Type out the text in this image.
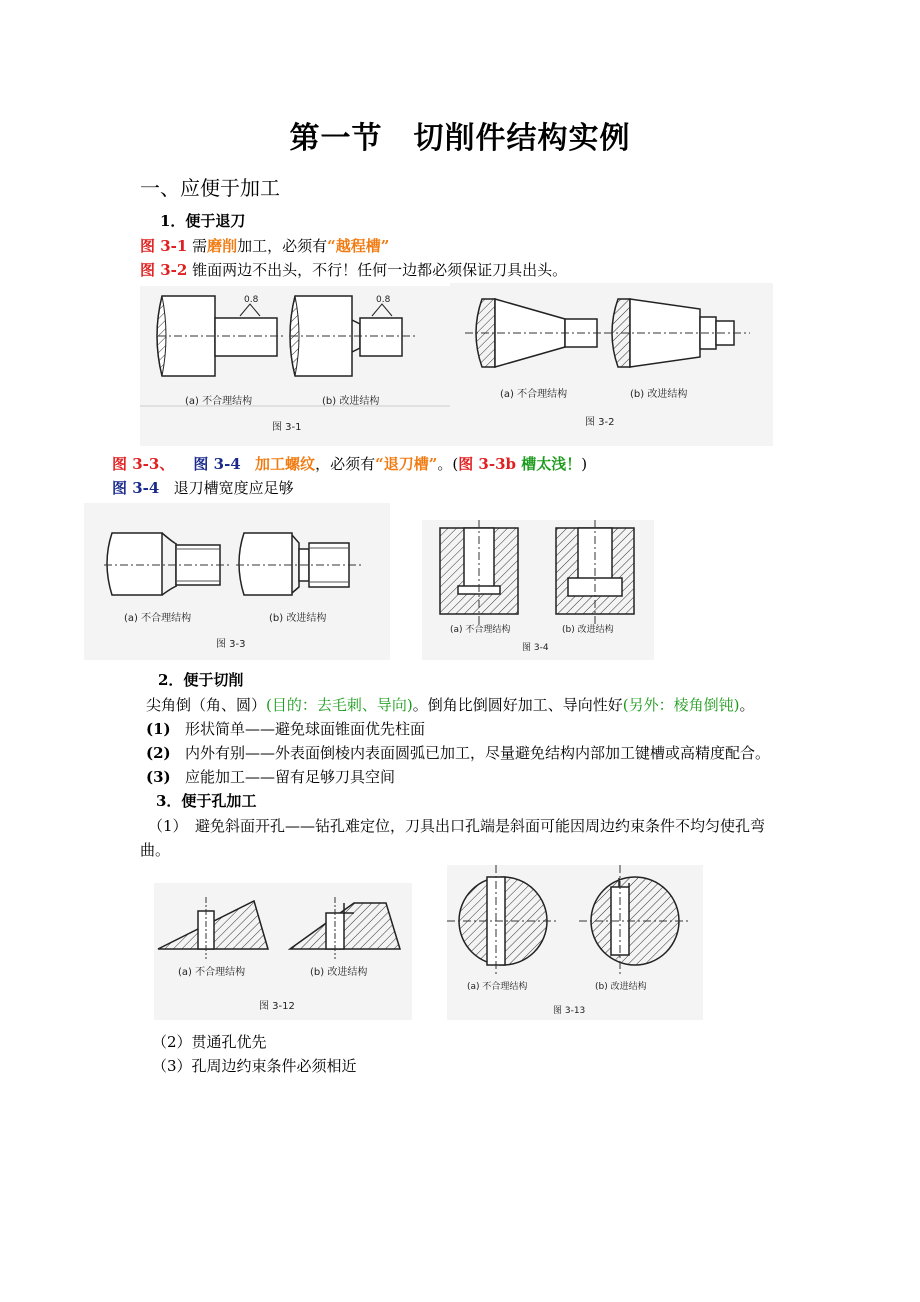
第一节　切削件结构实例
一、应便于加工
1．便于退刀
图 3-1 需磨削加工，必须有“越程槽”
图 3-2 锥面两边不出头，不行！任何一边都必须保证刀具出头。
0.8	0.8
(a) 不合理结构	(b) 改进结构
图 3-1
(a) 不合理结构	(b) 改进结构
图 3-2
图 3-3、 图 3-4 加工螺纹，必须有“退刀槽”。(图 3-3b 槽太浅！)
图 3-4 退刀槽宽度应足够
(a) 不合理结构	(b) 改进结构
图 3-3
(a) 不合理结构	(b) 改进结构
图 3-4
2．便于切削
尖角倒（角、圆）(目的：去毛刺、导向)。倒角比倒圆好加工、导向性好(另外：棱角倒钝)。
(1) 形状简单——避免球面锥面优先柱面
(2) 内外有别——外表面倒棱内表面圆弧已加工，尽量避免结构内部加工键槽或高精度配合。
(3) 应能加工——留有足够刀具空间
3．便于孔加工
（1）　避免斜面开孔——钻孔难定位，刀具出口孔端是斜面可能因周边约束条件不均匀使孔弯
曲。
(a) 不合理结构	(b) 改进结构
图 3-12
(a) 不合理结构	(b) 改进结构
图 3-13
（2）贯通孔优先
（3）孔周边约束条件必须相近
